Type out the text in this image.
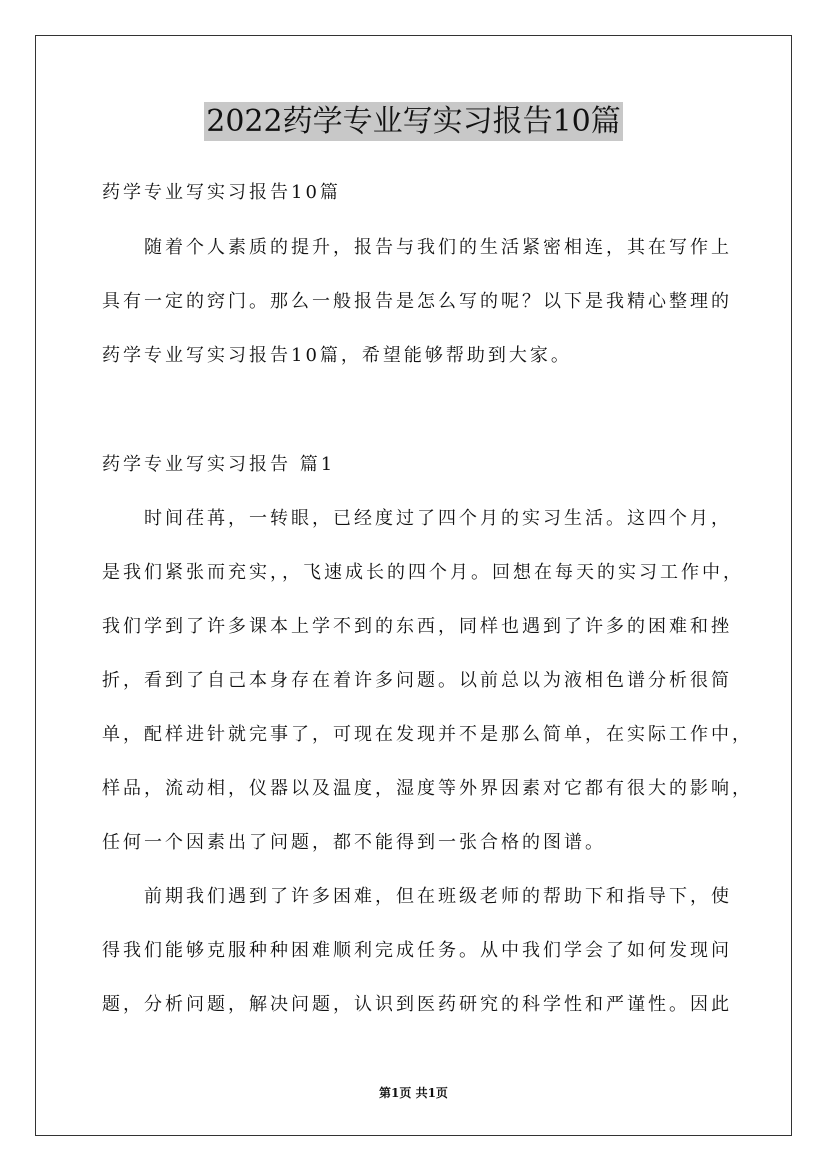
2022药学专业写实习报告10篇
药学专业写实习报告10篇
　　随着个人素质的提升，报告与我们的生活紧密相连，其在写作上
具有一定的窍门。那么一般报告是怎么写的呢？以下是我精心整理的
药学专业写实习报告10篇，希望能够帮助到大家。
药学专业写实习报告 篇1
　　时间荏苒，一转眼，已经度过了四个月的实习生活。这四个月，
是我们紧张而充实，，飞速成长的四个月。回想在每天的实习工作中，
我们学到了许多课本上学不到的东西，同样也遇到了许多的困难和挫
折，看到了自己本身存在着许多问题。以前总以为液相色谱分析很简
单，配样进针就完事了，可现在发现并不是那么简单，在实际工作中，
样品，流动相，仪器以及温度，湿度等外界因素对它都有很大的影响，
任何一个因素出了问题，都不能得到一张合格的图谱。
　　前期我们遇到了许多困难，但在班级老师的帮助下和指导下，使
得我们能够克服种种困难顺利完成任务。从中我们学会了如何发现问
题，分析问题，解决问题，认识到医药研究的科学性和严谨性。因此
第1页 共1页
